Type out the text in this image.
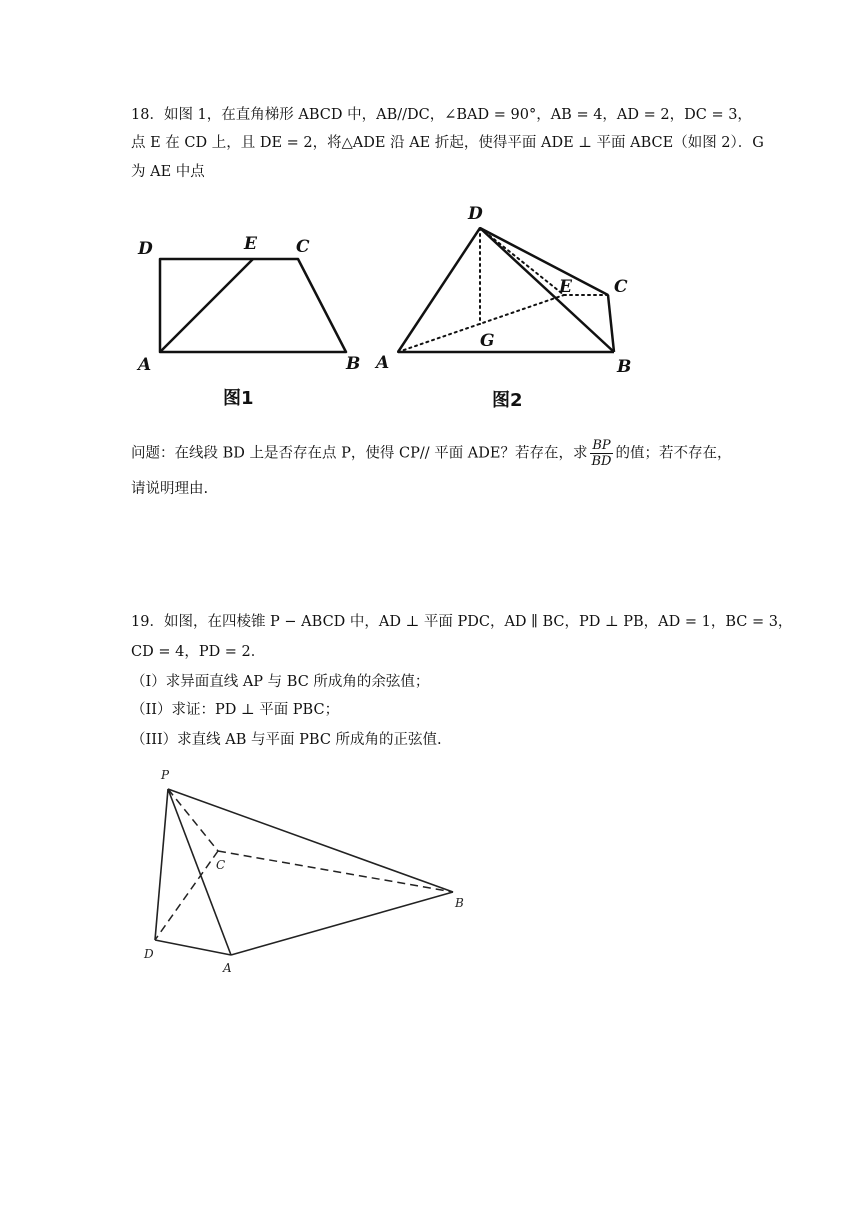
18．如图 1，在直角梯形 ABCD 中，AB//DC，∠BAD = 90°，AB = 4，AD = 2，DC = 3，
点 E 在 CD 上，且 DE = 2，将△ADE 沿 AE 折起，使得平面 ADE ⊥ 平面 ABCE（如图 2）．G
为 AE 中点
D	E C
A	B
图1
D
E C
G
A	B
图2
问题：在线段 BD 上是否存在点 P，使得 CP// 平面 ADE？若存在，求 $\frac{BP}{BD}$ 的值；若不存在，
请说明理由.
19．如图，在四棱锥 P − ABCD 中，AD ⊥ 平面 PDC，AD ∥ BC，PD ⊥ PB，AD = 1，BC = 3，
CD = 4，PD = 2．
（I）求异面直线 AP 与 BC 所成角的余弦值；
（II）求证：PD ⊥ 平面 PBC；
（III）求直线 AB 与平面 PBC 所成角的正弦值.
P
C
B
D
A
